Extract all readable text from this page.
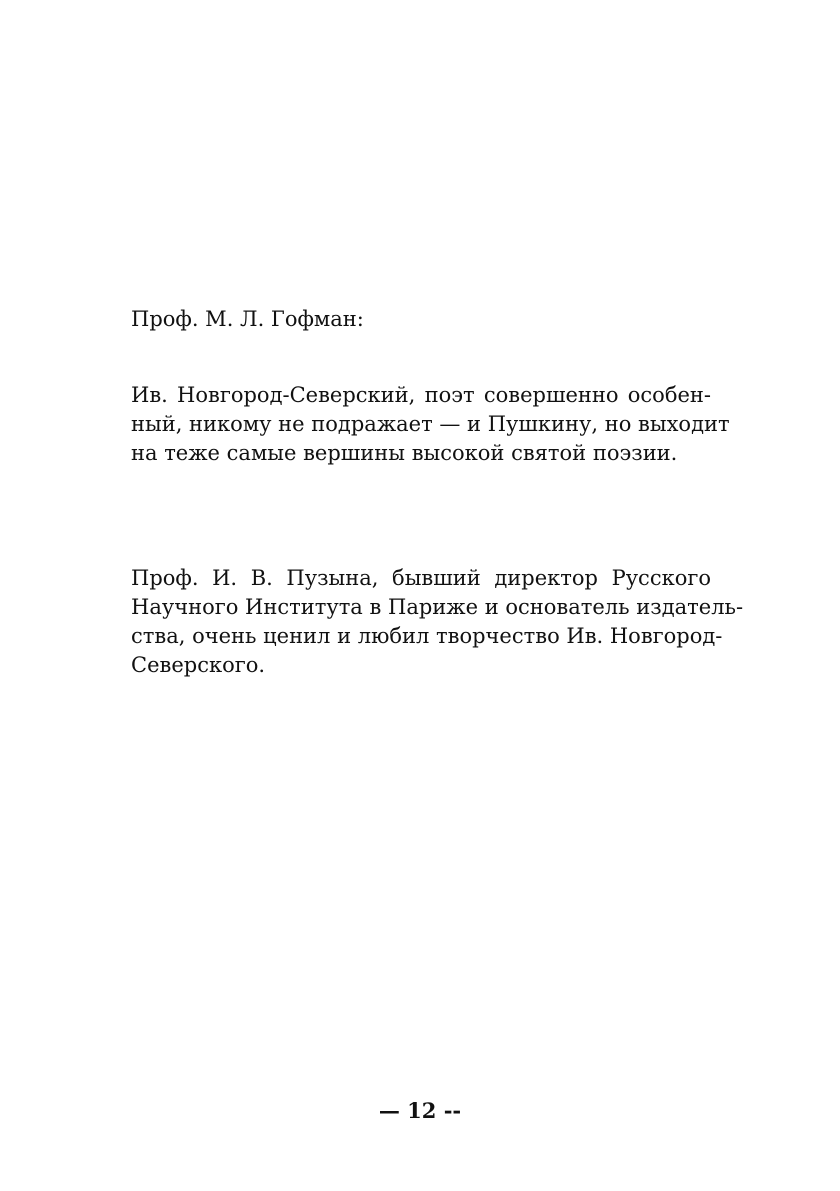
Проф. М. Л. Гофман:

Ив. Новгород-Северский, поэт совершенно особен-
ный, никому не подражает — и Пушкину, но выходит
на теже самые вершины высокой святой поэзии.

Проф. И. В. Пузына, бывший директор Русского
Научного Института в Париже и основатель издатель-
ства, очень ценил и любил творчество Ив. Новгород-
Северского.

— 12 --
